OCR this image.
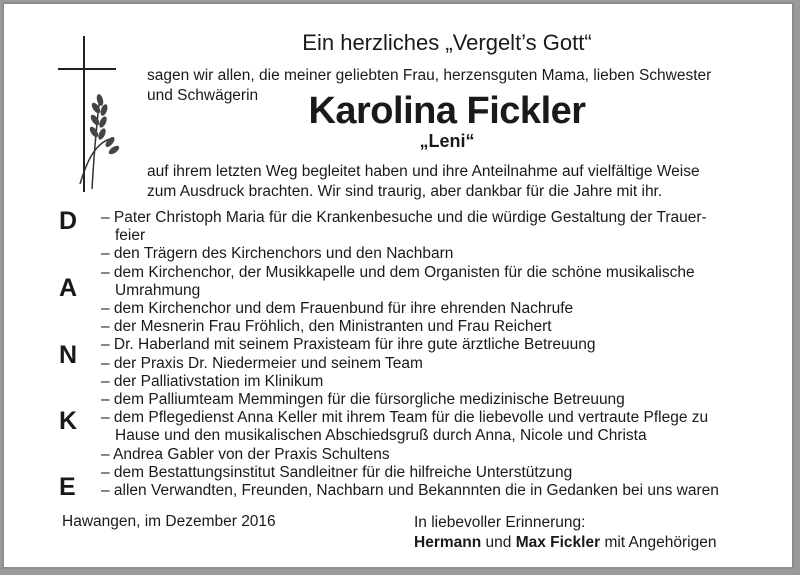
Ein herzliches „Vergelt’s Gott“
sagen wir allen, die meiner geliebten Frau, herzensguten Mama, lieben Schwester
und Schwägerin	Karolina Fickler
„Leni“
auf ihrem letzten Weg begleitet haben und ihre Anteilnahme auf vielfältige Weise
zum Ausdruck brachten. Wir sind traurig, aber dankbar für die Jahre mit ihr.
D
A
N
K
E
– Pater Christoph Maria für die Krankenbesuche und die würdige Gestaltung der Trauer-
feier
– den Trägern des Kirchenchors und den Nachbarn
– dem Kirchenchor, der Musikkapelle und dem Organisten für die schöne musikalische
Umrahmung
– dem Kirchenchor und dem Frauenbund für ihre ehrenden Nachrufe
– der Mesnerin Frau Fröhlich, den Ministranten und Frau Reichert
– Dr. Haberland mit seinem Praxisteam für ihre gute ärztliche Betreuung
– der Praxis Dr. Niedermeier und seinem Team
– der Palliativstation im Klinikum
– dem Palliumteam Memmingen für die fürsorgliche medizinische Betreuung
– dem Pflegedienst Anna Keller mit ihrem Team für die liebevolle und vertraute Pflege zu
Hause und den musikalischen Abschiedsgruß durch Anna, Nicole und Christa
– Andrea Gabler von der Praxis Schultens
– dem Bestattungsinstitut Sandleitner für die hilfreiche Unterstützung
– allen Verwandten, Freunden, Nachbarn und Bekannnten die in Gedanken bei uns waren
Hawangen, im Dezember 2016	In liebevoller Erinnerung:
Hermann und Max Fickler mit Angehörigen
